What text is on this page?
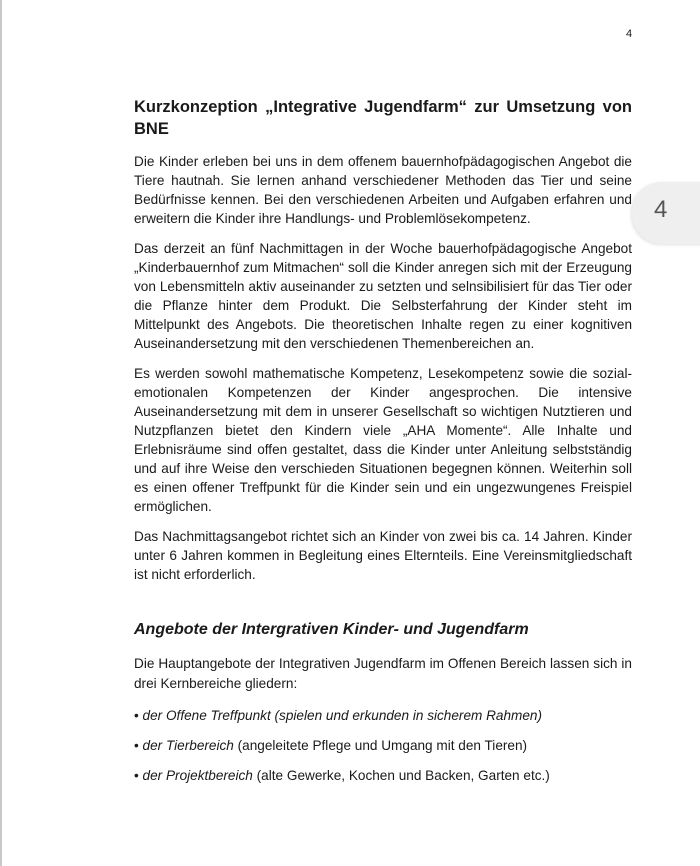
4
4
Kurzkonzeption „Integrative Jugendfarm“ zur Umsetzung von BNE

Die Kinder erleben bei uns in dem offenem bauernhofpädagogischen Angebot die Tiere hautnah. Sie lernen anhand verschiedener Methoden das Tier und seine Bedürfnisse kennen. Bei den verschiedenen Arbeiten und Aufgaben erfahren und erweitern die Kinder ihre Handlungs- und Problemlösekompetenz.

Das derzeit an fünf Nachmittagen in der Woche bauerhofpädagogische Angebot „Kinderbauernhof zum Mitmachen“ soll die Kinder anregen sich mit der Erzeugung von Lebensmitteln aktiv auseinander zu setzten und selnsibilisiert für das Tier oder die Pflanze hinter dem Produkt. Die Selbsterfahrung der Kinder steht im Mittelpunkt des Angebots. Die theoretischen Inhalte regen zu einer kognitiven Auseinandersetzung mit den verschiedenen Themenbereichen an.

Es werden sowohl mathematische Kompetenz, Lesekompetenz sowie die sozial-emotionalen Kompetenzen der Kinder angesprochen. Die intensive Auseinandersetzung mit dem in unserer Gesellschaft so wichtigen Nutztieren und Nutzpflanzen bietet den Kindern viele „AHA Momente“. Alle Inhalte und Erlebnisräume sind offen gestaltet, dass die Kinder unter Anleitung selbstständig und auf ihre Weise den verschieden Situationen begegnen können. Weiterhin soll es einen offener Treffpunkt für die Kinder sein und ein ungezwungenes Freispiel ermöglichen.

Das Nachmittagsangebot richtet sich an Kinder von zwei bis ca. 14 Jahren. Kinder unter 6 Jahren kommen in Begleitung eines Elternteils. Eine Vereinsmitgliedschaft ist nicht erforderlich.

Angebote der Intergrativen Kinder- und Jugendfarm

Die Hauptangebote der Integrativen Jugendfarm im Offenen Bereich lassen sich in drei Kernbereiche gliedern:

• der Offene Treffpunkt (spielen und erkunden in sicherem Rahmen)
• der Tierbereich (angeleitete Pflege und Umgang mit den Tieren)
• der Projektbereich (alte Gewerke, Kochen und Backen, Garten etc.)
